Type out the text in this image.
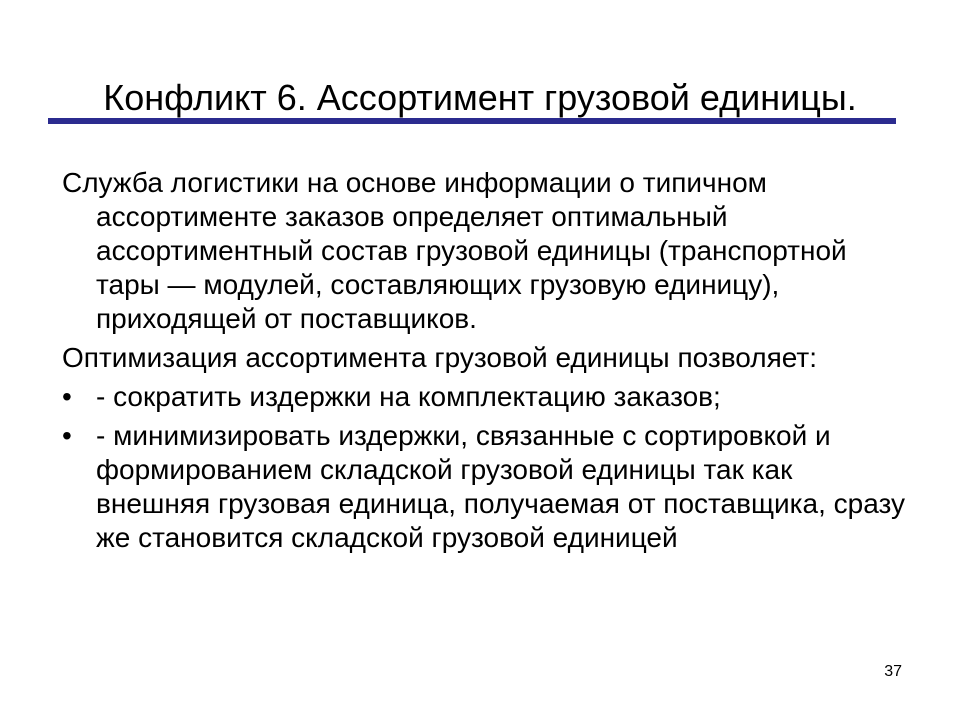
Конфликт 6. Ассортимент грузовой единицы.

Служба логистики на основе информации о типичном ассортименте заказов определяет оптимальный ассортиментный состав грузовой единицы (транспортной тары — модулей, составляющих грузовую единицу), приходящей от поставщиков.

Оптимизация ассортимента грузовой единицы позволяет:

• - сократить издержки на комплектацию заказов;
• - минимизировать издержки, связанные с сортировкой и формированием складской грузовой единицы так как внешняя грузовая единица, получаемая от поставщика, сразу же становится складской грузовой единицей
37
